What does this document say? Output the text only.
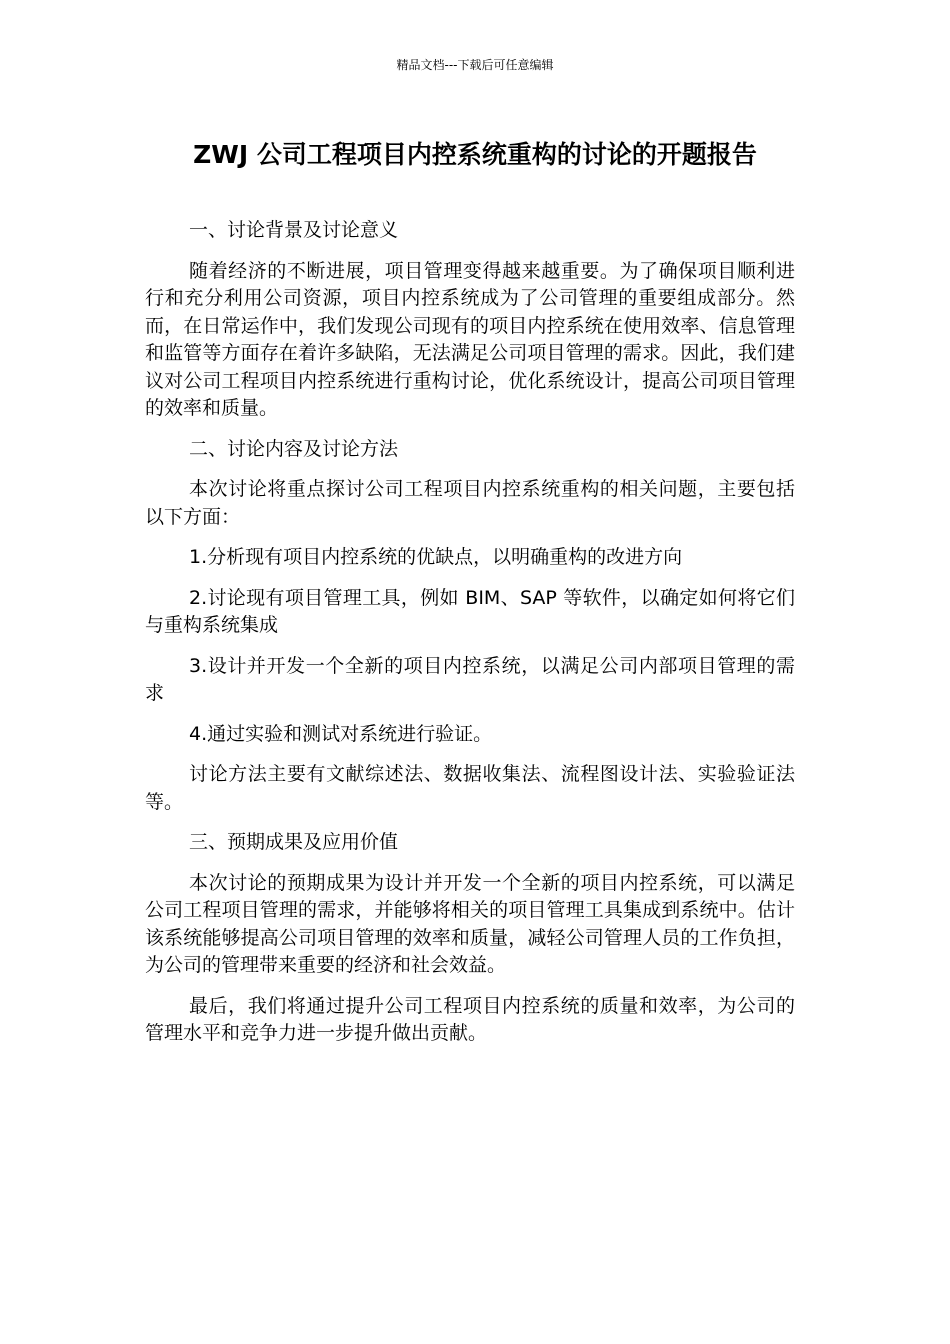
精品文档---下载后可任意编辑
ZWJ 公司工程项目内控系统重构的讨论的开题报告

一、讨论背景及讨论意义

随着经济的不断进展，项目管理变得越来越重要。为了确保项目顺利进行和充分利用公司资源，项目内控系统成为了公司管理的重要组成部分。然而，在日常运作中，我们发现公司现有的项目内控系统在使用效率、信息管理和监管等方面存在着许多缺陷，无法满足公司项目管理的需求。因此，我们建议对公司工程项目内控系统进行重构讨论，优化系统设计，提高公司项目管理的效率和质量。

二、讨论内容及讨论方法

本次讨论将重点探讨公司工程项目内控系统重构的相关问题，主要包括以下方面：

1.分析现有项目内控系统的优缺点，以明确重构的改进方向

2.讨论现有项目管理工具，例如 BIM、SAP 等软件，以确定如何将它们与重构系统集成

3.设计并开发一个全新的项目内控系统，以满足公司内部项目管理的需求

4.通过实验和测试对系统进行验证。

讨论方法主要有文献综述法、数据收集法、流程图设计法、实验验证法等。

三、预期成果及应用价值

本次讨论的预期成果为设计并开发一个全新的项目内控系统，可以满足公司工程项目管理的需求，并能够将相关的项目管理工具集成到系统中。估计该系统能够提高公司项目管理的效率和质量，减轻公司管理人员的工作负担，为公司的管理带来重要的经济和社会效益。

最后，我们将通过提升公司工程项目内控系统的质量和效率，为公司的管理水平和竞争力进一步提升做出贡献。
